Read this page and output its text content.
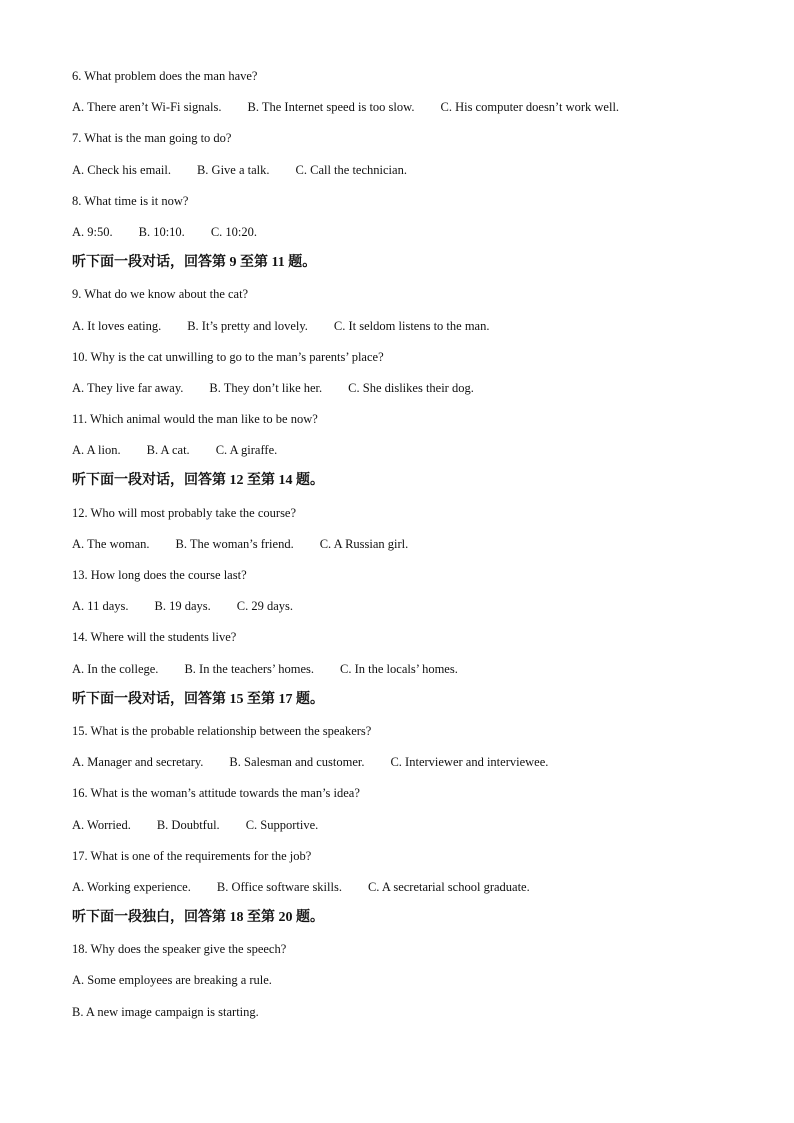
6. What problem does the man have?
A. There aren’t Wi-Fi signals. B. The Internet speed is too slow. C. His computer doesn’t work well.
7. What is the man going to do?
A. Check his email. B. Give a talk. C. Call the technician.
8. What time is it now?
A. 9:50. B. 10:10. C. 10:20.
听下面一段对话，回答第 9 至第 11 题。
9. What do we know about the cat?
A. It loves eating. B. It’s pretty and lovely. C. It seldom listens to the man.
10. Why is the cat unwilling to go to the man’s parents’ place?
A. They live far away. B. They don’t like her. C. She dislikes their dog.
11. Which animal would the man like to be now?
A. A lion. B. A cat. C. A giraffe.
听下面一段对话，回答第 12 至第 14 题。
12. Who will most probably take the course?
A. The woman. B. The woman’s friend. C. A Russian girl.
13. How long does the course last?
A. 11 days. B. 19 days. C. 29 days.
14. Where will the students live?
A. In the college. B. In the teachers’ homes. C. In the locals’ homes.
听下面一段对话，回答第 15 至第 17 题。
15. What is the probable relationship between the speakers?
A. Manager and secretary. B. Salesman and customer. C. Interviewer and interviewee.
16. What is the woman’s attitude towards the man’s idea?
A. Worried. B. Doubtful. C. Supportive.
17. What is one of the requirements for the job?
A. Working experience. B. Office software skills. C. A secretarial school graduate.
听下面一段独白，回答第 18 至第 20 题。
18. Why does the speaker give the speech?
A. Some employees are breaking a rule.
B. A new image campaign is starting.
